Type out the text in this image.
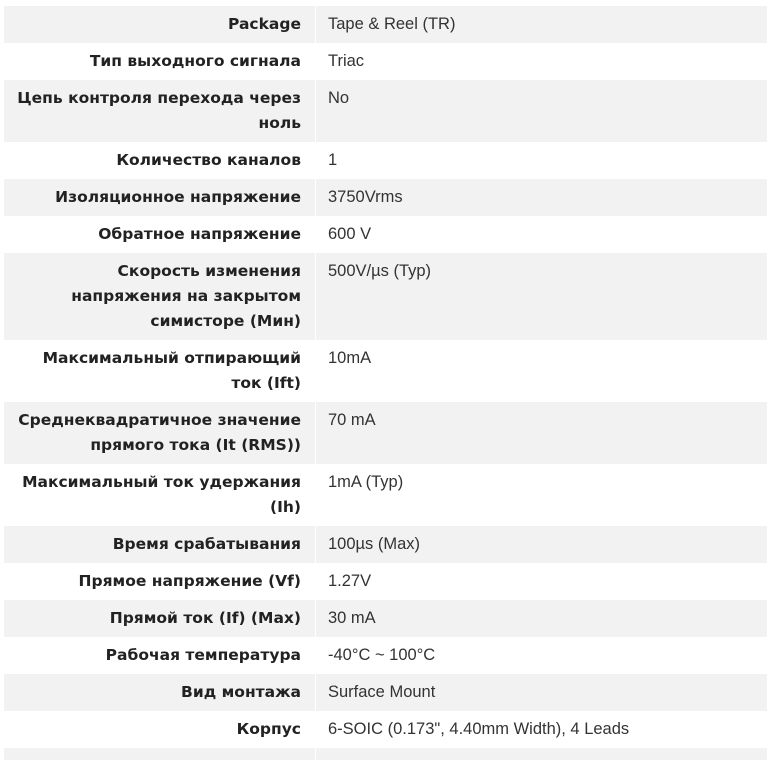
Package	Tape & Reel (TR)
Тип выходного сигнала	Triac
Цепь контроля перехода через ноль	No
Количество каналов	1
Изоляционное напряжение	3750Vrms
Обратное напряжение	600 V
Скорость изменения напряжения на закрытом симисторе (Мин)	500V/µs (Typ)
Максимальный отпирающий ток (Ift)	10mA
Среднеквадратичное значение прямого тока (It (RMS))	70 mA
Максимальный ток удержания (Ih)	1mA (Typ)
Время срабатывания	100µs (Max)
Прямое напряжение (Vf)	1.27V
Прямой ток (If) (Max)	30 mA
Рабочая температура	-40°C ~ 100°C
Вид монтажа	Surface Mount
Корпус	6-SOIC (0.173", 4.40mm Width), 4 Leads
